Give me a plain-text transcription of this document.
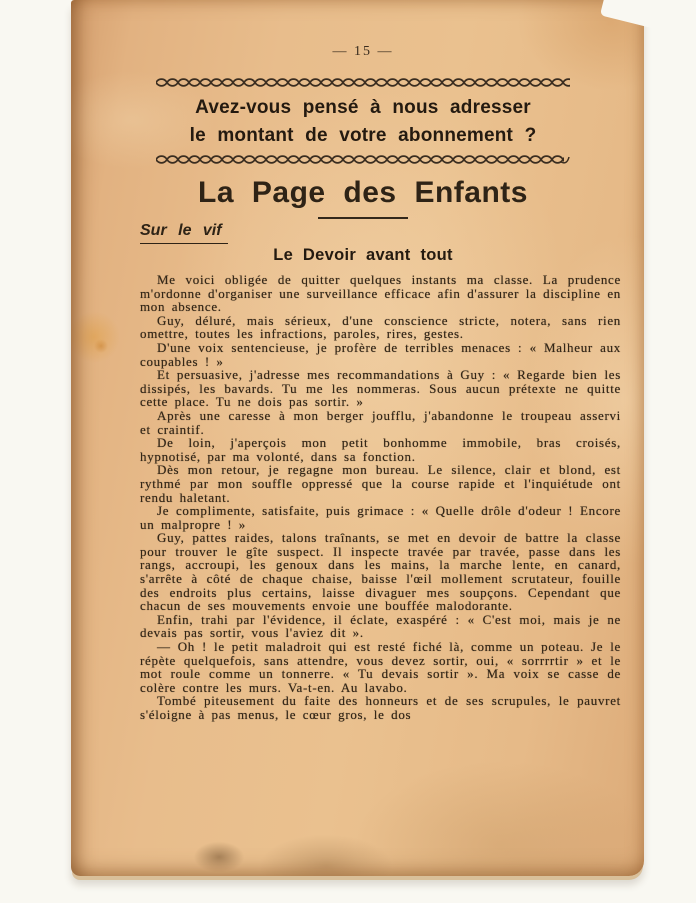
— 15 —
Avez-vous pensé à nous adresser
le montant de votre abonnement ?
La Page des Enfants
Sur le vif
Le Devoir avant tout

Me voici obligée de quitter quelques instants ma classe. La prudence m'ordonne d'organiser une surveillance efficace afin d'assurer la discipline en mon absence.

Guy, déluré, mais sérieux, d'une conscience stricte, notera, sans rien omettre, toutes les infractions, paroles, rires, gestes.

D'une voix sentencieuse, je profère de terribles menaces : « Malheur aux coupables ! »

Et persuasive, j'adresse mes recommandations à Guy : « Regarde bien les dissipés, les bavards. Tu me les nommeras. Sous aucun prétexte ne quitte cette place. Tu ne dois pas sortir. »

Après une caresse à mon berger joufflu, j'abandonne le troupeau asservi et craintif.

De loin, j'aperçois mon petit bonhomme immobile, bras croisés, hypnotisé, par ma volonté, dans sa fonction.

Dès mon retour, je regagne mon bureau. Le silence, clair et blond, est rythmé par mon souffle oppressé que la course rapide et l'inquiétude ont rendu haletant.

Je complimente, satisfaite, puis grimace : « Quelle drôle d'odeur ! Encore un malpropre ! »

Guy, pattes raides, talons traînants, se met en devoir de battre la classe pour trouver le gîte suspect. Il inspecte travée par travée, passe dans les rangs, accroupi, les genoux dans les mains, la marche lente, en canard, s'arrête à côté de chaque chaise, baisse l'œil mollement scrutateur, fouille des endroits plus certains, laisse divaguer mes soupçons. Cependant que chacun de ses mouvements envoie une bouffée malodorante.

Enfin, trahi par l'évidence, il éclate, exaspéré : « C'est moi, mais je ne devais pas sortir, vous l'aviez dit ».

— Oh ! le petit maladroit qui est resté fiché là, comme un poteau. Je le répète quelquefois, sans attendre, vous devez sortir, oui, « sorrrrtir » et le mot roule comme un tonnerre. « Tu devais sortir ». Ma voix se casse de colère contre les murs. Va-t-en. Au lavabo.

Tombé piteusement du faite des honneurs et de ses scrupules, le pauvret s'éloigne à pas menus, le cœur gros, le dos
